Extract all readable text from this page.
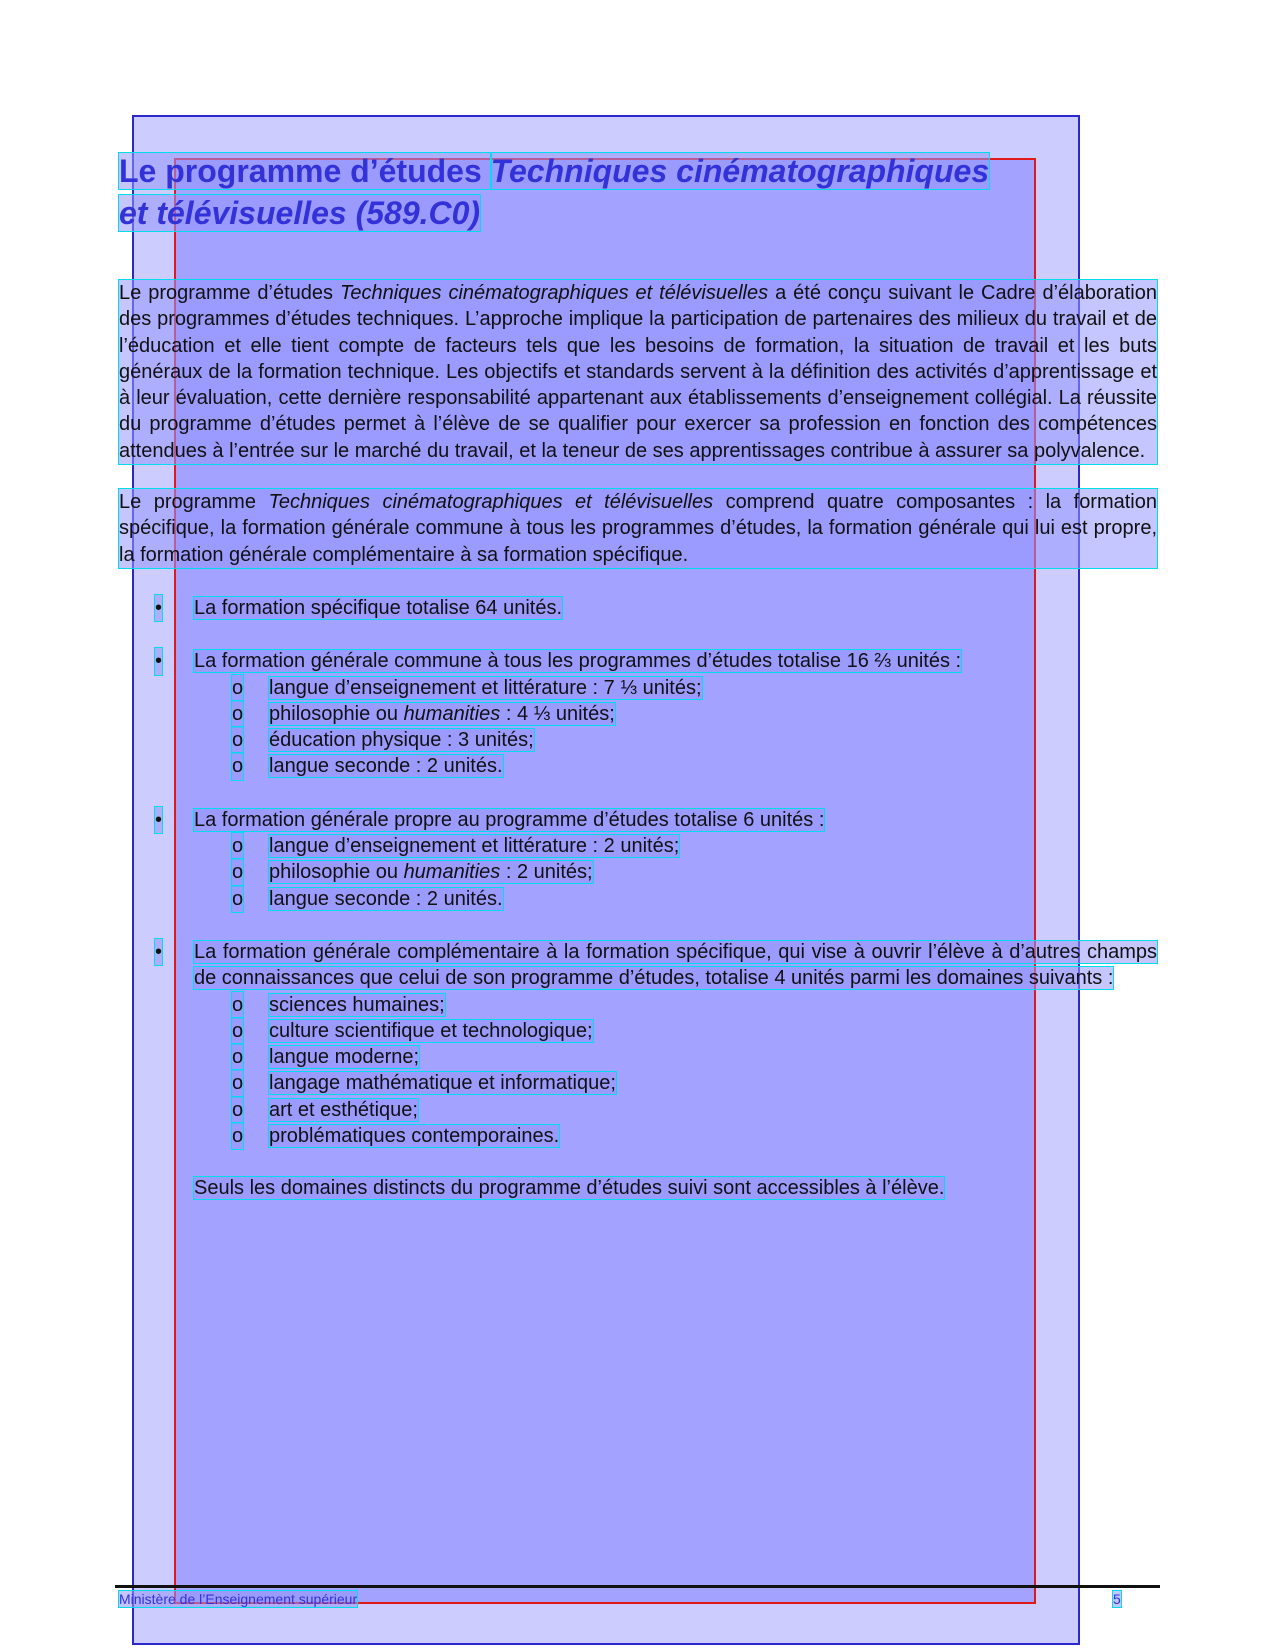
Le programme d’études Techniques cinématographiques
et télévisuelles (589.C0)

Le programme d’études Techniques cinématographiques et télévisuelles a été conçu suivant le Cadre d’élaboration des programmes d’études techniques. L’approche implique la participation de partenaires des milieux du travail et de l’éducation et elle tient compte de facteurs tels que les besoins de formation, la situation de travail et les buts généraux de la formation technique. Les objectifs et standards servent à la définition des activités d’apprentissage et à leur évaluation, cette dernière responsabilité appartenant aux établissements d’enseignement collégial. La réussite du programme d’études permet à l’élève de se qualifier pour exercer sa profession en fonction des compétences attendues à l’entrée sur le marché du travail, et la teneur de ses apprentissages contribue à assurer sa polyvalence.

Le programme Techniques cinématographiques et télévisuelles comprend quatre composantes : la formation spécifique, la formation générale commune à tous les programmes d’études, la formation générale qui lui est propre, la formation générale complémentaire à sa formation spécifique.

• La formation spécifique totalise 64 unités.
• La formation générale commune à tous les programmes d’études totalise 16 ⅔ unités :
o langue d’enseignement et littérature : 7 ⅓ unités;
o philosophie ou humanities : 4 ⅓ unités;
o éducation physique : 3 unités;
o langue seconde : 2 unités.
• La formation générale propre au programme d’études totalise 6 unités :
o langue d’enseignement et littérature : 2 unités;
o philosophie ou humanities : 2 unités;
o langue seconde : 2 unités.
• La formation générale complémentaire à la formation spécifique, qui vise à ouvrir l’élève à d’autres champs de connaissances que celui de son programme d’études, totalise 4 unités parmi les domaines suivants :
o sciences humaines;
o culture scientifique et technologique;
o langue moderne;
o langage mathématique et informatique;
o art et esthétique;
o problématiques contemporaines.
Seuls les domaines distincts du programme d’études suivi sont accessibles à l’élève.
Ministère de l’Enseignement supérieur	5
